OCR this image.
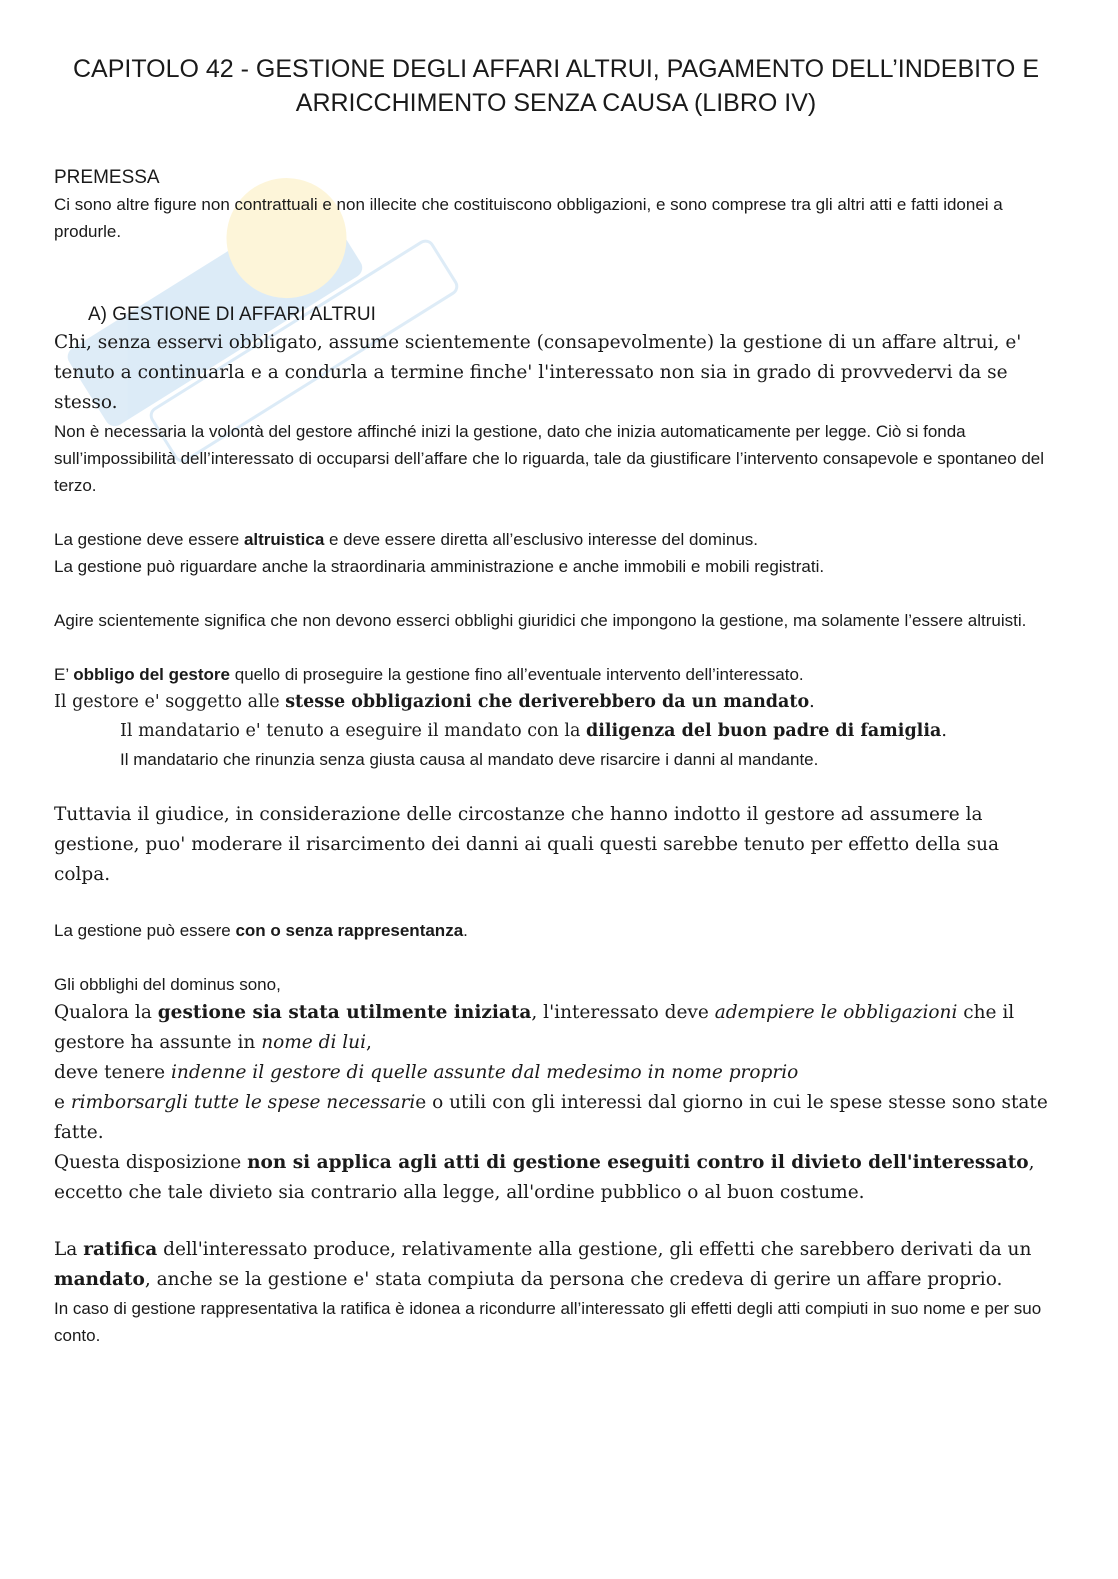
CAPITOLO 42 - GESTIONE DEGLI AFFARI ALTRUI, PAGAMENTO DELL’INDEBITO E ARRICCHIMENTO SENZA CAUSA (LIBRO IV)

PREMESSA

Ci sono altre figure non contrattuali e non illecite che costituiscono obbligazioni, e sono comprese tra gli altri atti e fatti idonei a produrle.

A) GESTIONE DI AFFARI ALTRUI

Chi, senza esservi obbligato, assume scientemente (consapevolmente) la gestione di un affare altrui, e' tenuto a continuarla e a condurla a termine finche' l'interessato non sia in grado di provvedervi da se stesso.

Non è necessaria la volontà del gestore affinché inizi la gestione, dato che inizia automaticamente per legge. Ciò si fonda sull’impossibilità dell’interessato di occuparsi dell’affare che lo riguarda, tale da giustificare l’intervento consapevole e spontaneo del terzo.

La gestione deve essere altruistica e deve essere diretta all’esclusivo interesse del dominus.

La gestione può riguardare anche la straordinaria amministrazione e anche immobili e mobili registrati.

Agire scientemente significa che non devono esserci obblighi giuridici che impongono la gestione, ma solamente l’essere altruisti.

E’ obbligo del gestore quello di proseguire la gestione fino all’eventuale intervento dell’interessato.

Il gestore e' soggetto alle stesse obbligazioni che deriverebbero da un mandato.

Il mandatario e' tenuto a eseguire il mandato con la diligenza del buon padre di famiglia.

Il mandatario che rinunzia senza giusta causa al mandato deve risarcire i danni al mandante.

Tuttavia il giudice, in considerazione delle circostanze che hanno indotto il gestore ad assumere la gestione, puo' moderare il risarcimento dei danni ai quali questi sarebbe tenuto per effetto della sua colpa.

La gestione può essere con o senza rappresentanza.

Gli obblighi del dominus sono,

Qualora la gestione sia stata utilmente iniziata, l'interessato deve adempiere le obbligazioni che il gestore ha assunte in nome di lui,

deve tenere indenne il gestore di quelle assunte dal medesimo in nome proprio

e rimborsargli tutte le spese necessarie o utili con gli interessi dal giorno in cui le spese stesse sono state fatte.

Questa disposizione non si applica agli atti di gestione eseguiti contro il divieto dell'interessato, eccetto che tale divieto sia contrario alla legge, all'ordine pubblico o al buon costume.

La ratifica dell'interessato produce, relativamente alla gestione, gli effetti che sarebbero derivati da un mandato, anche se la gestione e' stata compiuta da persona che credeva di gerire un affare proprio.

In caso di gestione rappresentativa la ratifica è idonea a ricondurre all’interessato gli effetti degli atti compiuti in suo nome e per suo conto.
